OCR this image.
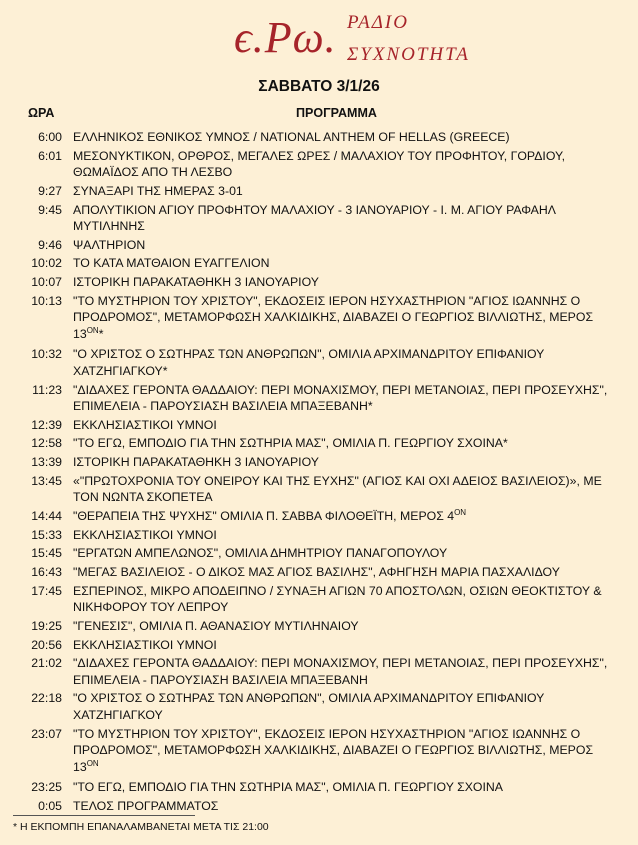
ϵ.Ρω. ΡΑΔΙΟ
ΣΥΧΝΟΤΗΤΑ
ΣΑΒΒΑΤΟ 3/1/26
ΩΡΑ	ΠΡΟΓΡΑΜΜΑ
6:00 ΕΛΛΗΝΙΚΟΣ ΕΘΝΙΚΟΣ ΥΜΝΟΣ / NATIONAL ANTHEM OF HELLAS (GREECE)
6:01 ΜΕΣΟΝΥΚΤΙΚΟΝ, ΟΡΘΡΟΣ, ΜΕΓΑΛΕΣ ΩΡΕΣ / ΜΑΛΑΧΙΟΥ ΤΟΥ ΠΡΟΦΗΤΟΥ, ΓΟΡΔΙΟΥ, ΘΩΜΑΪΔΟΣ ΑΠΟ ΤΗ ΛΕΣΒΟ
9:27 ΣΥΝΑΞΑΡΙ ΤΗΣ ΗΜΕΡΑΣ 3-01
9:45 ΑΠΟΛΥΤΙΚΙΟΝ ΑΓΙΟΥ ΠΡΟΦΗΤΟΥ ΜΑΛΑΧΙΟΥ - 3 ΙΑΝΟΥΑΡΙΟΥ - Ι. Μ. ΑΓΙΟΥ ΡΑΦΑΗΛ ΜΥΤΙΛΗΝΗΣ
9:46 ΨΑΛΤΗΡΙΟΝ
10:02 ΤΟ ΚΑΤΑ ΜΑΤΘΑΙΟΝ ΕΥΑΓΓΕΛΙΟΝ
10:07 ΙΣΤΟΡΙΚΗ ΠΑΡΑΚΑΤΑΘΗΚΗ 3 ΙΑΝΟΥΑΡΙΟΥ
10:13 "ΤΟ ΜΥΣΤΗΡΙΟΝ ΤΟΥ ΧΡΙΣΤΟΥ", ΕΚΔΟΣΕΙΣ ΙΕΡΟΝ ΗΣΥΧΑΣΤΗΡΙΟΝ "ΑΓΙΟΣ ΙΩΑΝΝΗΣ Ο ΠΡΟΔΡΟΜΟΣ", ΜΕΤΑΜΟΡΦΩΣΗ ΧΑΛΚΙΔΙΚΗΣ, ΔΙΑΒΑΖΕΙ Ο ΓΕΩΡΓΙΟΣ ΒΙΛΛΙΩΤΗΣ, ΜΕΡΟΣ $13^{ON}*$
10:32 "Ο ΧΡΙΣΤΟΣ Ο ΣΩΤΗΡΑΣ ΤΩΝ ΑΝΘΡΩΠΩΝ", ΟΜΙΛΙΑ ΑΡΧΙΜΑΝΔΡΙΤΟΥ ΕΠΙΦΑΝΙΟΥ ΧΑΤΖΗΓΙΑΓΚΟΥ*
11:23 "ΔΙΔΑΧΕΣ ΓΕΡΟΝΤΑ ΘΑΔΔΑΙΟΥ: ΠΕΡΙ ΜΟΝΑΧΙΣΜΟΥ, ΠΕΡΙ ΜΕΤΑΝΟΙΑΣ, ΠΕΡΙ ΠΡΟΣΕΥΧΗΣ", ΕΠΙΜΕΛΕΙΑ - ΠΑΡΟΥΣΙΑΣΗ ΒΑΣΙΛΕΙΑ ΜΠΑΞΕΒΑΝΗ*
12:39 ΕΚΚΛΗΣΙΑΣΤΙΚΟΙ ΥΜΝΟΙ
12:58 "ΤΟ ΕΓΩ, ΕΜΠΟΔΙΟ ΓΙΑ ΤΗΝ ΣΩΤΗΡΙΑ ΜΑΣ", ΟΜΙΛΙΑ Π. ΓΕΩΡΓΙΟΥ ΣΧΟΙΝΑ*
13:39 ΙΣΤΟΡΙΚΗ ΠΑΡΑΚΑΤΑΘΗΚΗ 3 ΙΑΝΟΥΑΡΙΟΥ
13:45 «"ΠΡΩΤΟΧΡΟΝΙΑ ΤΟΥ ΟΝΕΙΡΟΥ ΚΑΙ ΤΗΣ ΕΥΧΗΣ" (ΑΓΙΟΣ ΚΑΙ ΟΧΙ ΑΔΕΙΟΣ ΒΑΣΙΛΕΙΟΣ)», ΜΕ ΤΟΝ ΝΩΝΤΑ ΣΚΟΠΕΤΕΑ
14:44 "ΘΕΡΑΠΕΙΑ ΤΗΣ ΨΥΧΗΣ" ΟΜΙΛΙΑ Π. ΣΑΒΒΑ ΦΙΛΟΘΕΪΤΗ, ΜΕΡΟΣ $4^{ON}$
15:33 ΕΚΚΛΗΣΙΑΣΤΙΚΟΙ ΥΜΝΟΙ
15:45 "ΕΡΓΑΤΩΝ ΑΜΠΕΛΩΝΟΣ", ΟΜΙΛΙΑ ΔΗΜΗΤΡΙΟΥ ΠΑΝΑΓΟΠΟΥΛΟΥ
16:43 "ΜΕΓΑΣ ΒΑΣΙΛΕΙΟΣ - Ο ΔΙΚΟΣ ΜΑΣ ΑΓΙΟΣ ΒΑΣΙΛΗΣ", ΑΦΗΓΗΣΗ ΜΑΡΙΑ ΠΑΣΧΑΛΙΔΟΥ
17:45 ΕΣΠΕΡΙΝΟΣ, ΜΙΚΡΟ ΑΠΟΔΕΙΠΝΟ / ΣΥΝΑΞΗ ΑΓΙΩΝ 70 ΑΠΟΣΤΟΛΩΝ, ΟΣΙΩΝ ΘΕΟΚΤΙΣΤΟΥ & ΝΙΚΗΦΟΡΟΥ ΤΟΥ ΛΕΠΡΟΥ
19:25 "ΓΕΝΕΣΙΣ", ΟΜΙΛΙΑ Π. ΑΘΑΝΑΣΙΟΥ ΜΥΤΙΛΗΝΑΙΟΥ
20:56 ΕΚΚΛΗΣΙΑΣΤΙΚΟΙ ΥΜΝΟΙ
21:02 "ΔΙΔΑΧΕΣ ΓΕΡΟΝΤΑ ΘΑΔΔΑΙΟΥ: ΠΕΡΙ ΜΟΝΑΧΙΣΜΟΥ, ΠΕΡΙ ΜΕΤΑΝΟΙΑΣ, ΠΕΡΙ ΠΡΟΣΕΥΧΗΣ", ΕΠΙΜΕΛΕΙΑ - ΠΑΡΟΥΣΙΑΣΗ ΒΑΣΙΛΕΙΑ ΜΠΑΞΕΒΑΝΗ
22:18 "Ο ΧΡΙΣΤΟΣ Ο ΣΩΤΗΡΑΣ ΤΩΝ ΑΝΘΡΩΠΩΝ", ΟΜΙΛΙΑ ΑΡΧΙΜΑΝΔΡΙΤΟΥ ΕΠΙΦΑΝΙΟΥ ΧΑΤΖΗΓΙΑΓΚΟΥ
23:07 "ΤΟ ΜΥΣΤΗΡΙΟΝ ΤΟΥ ΧΡΙΣΤΟΥ", ΕΚΔΟΣΕΙΣ ΙΕΡΟΝ ΗΣΥΧΑΣΤΗΡΙΟΝ "ΑΓΙΟΣ ΙΩΑΝΝΗΣ Ο ΠΡΟΔΡΟΜΟΣ", ΜΕΤΑΜΟΡΦΩΣΗ ΧΑΛΚΙΔΙΚΗΣ, ΔΙΑΒΑΖΕΙ Ο ΓΕΩΡΓΙΟΣ ΒΙΛΛΙΩΤΗΣ, ΜΕΡΟΣ $13^{ON}$
23:25 "ΤΟ ΕΓΩ, ΕΜΠΟΔΙΟ ΓΙΑ ΤΗΝ ΣΩΤΗΡΙΑ ΜΑΣ", ΟΜΙΛΙΑ Π. ΓΕΩΡΓΙΟΥ ΣΧΟΙΝΑ
0:05 ΤΕΛΟΣ ΠΡΟΓΡΑΜΜΑΤΟΣ
* Η ΕΚΠΟΜΠΗ ΕΠΑΝΑΛΑΜΒΑΝΕΤΑΙ ΜΕΤΑ ΤΙΣ 21:00
